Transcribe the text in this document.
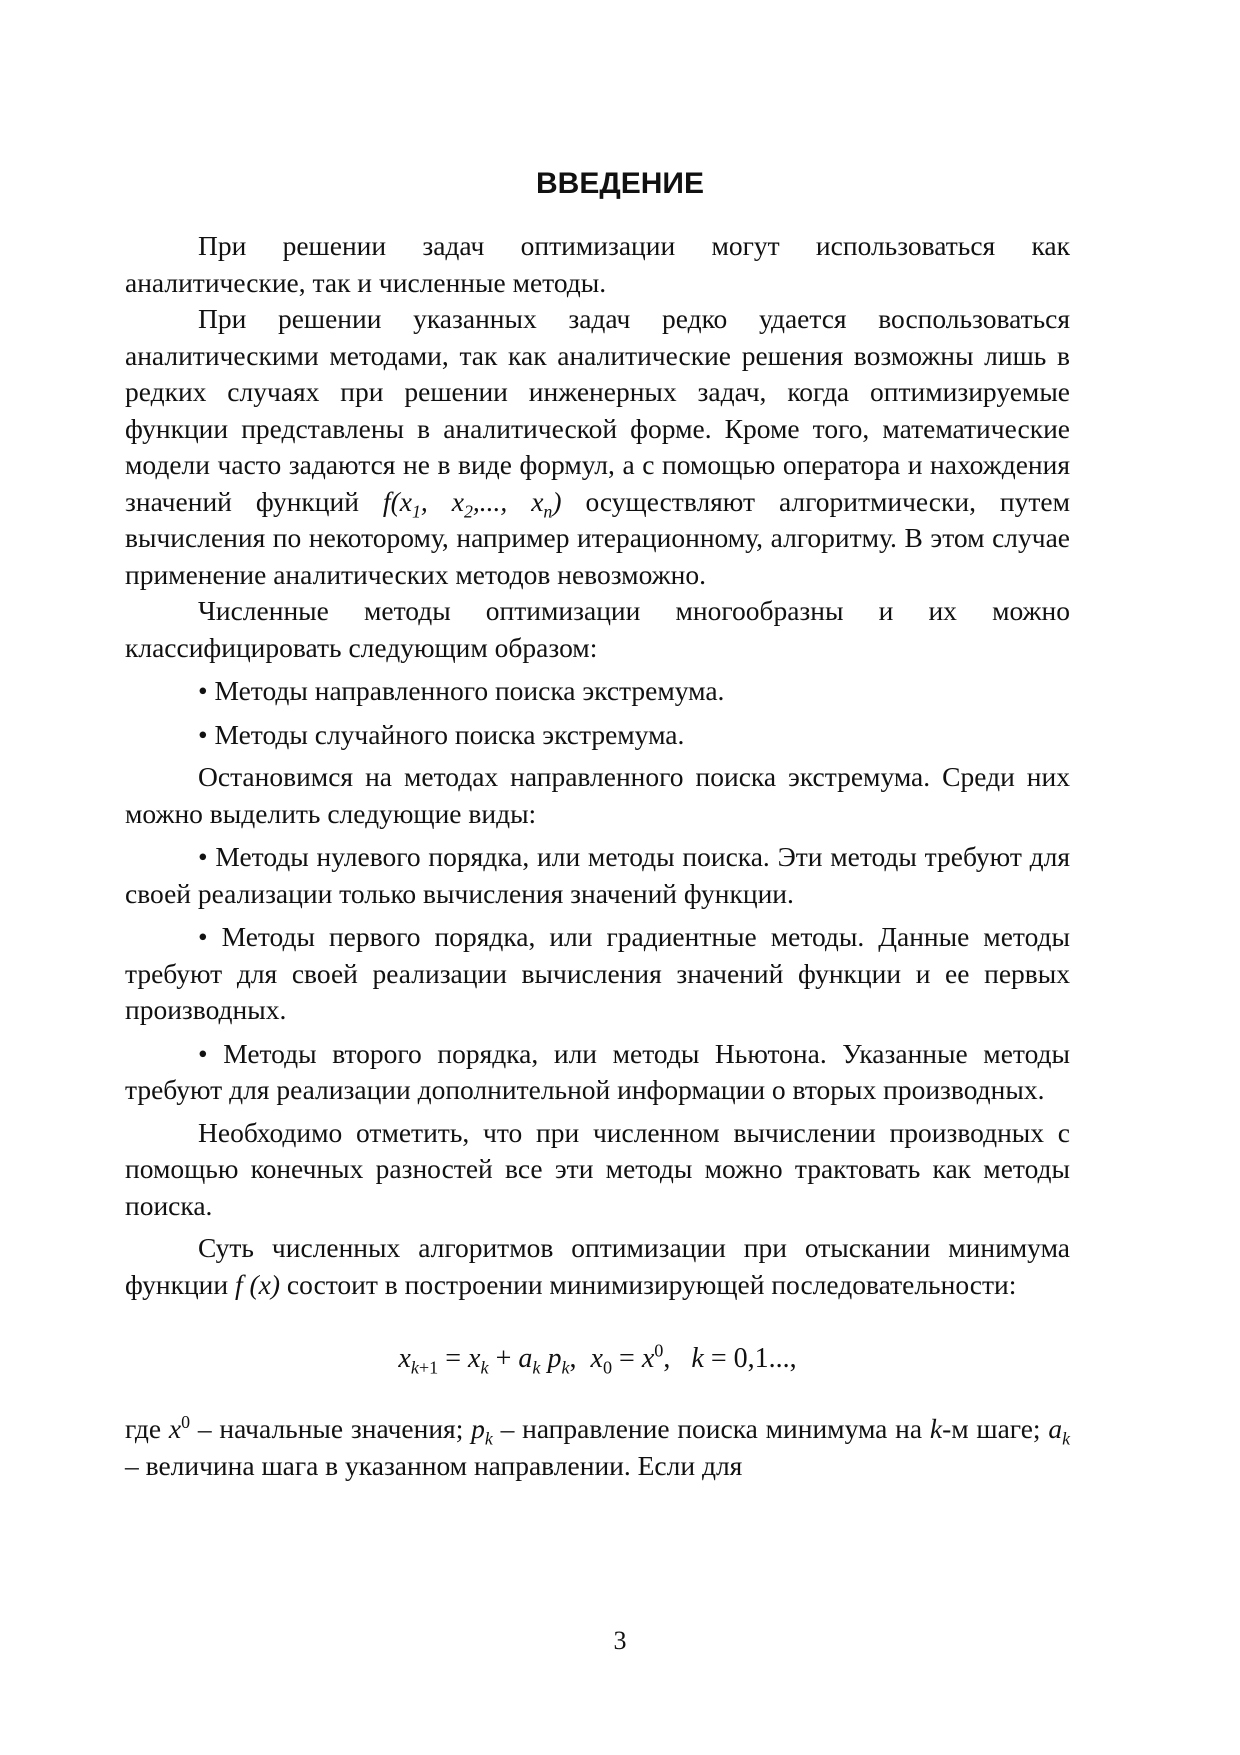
ВВЕДЕНИЕ

При решении задач оптимизации могут использоваться как аналитические, так и численные методы.

При решении указанных задач редко удается воспользоваться аналитическими методами, так как аналитические решения возможны лишь в редких случаях при решении инженерных задач, когда оптимизируемые функции представлены в аналитической форме. Кроме того, математические модели часто задаются не в виде формул, а с помощью оператора и нахождения значений функций $f(x_1$, $x_2$,..., $x_n$) осуществляют алгоритмически, путем вычисления по некоторому, например итерационному, алгоритму. В этом случае применение аналитических методов невозможно.

Численные методы оптимизации многообразны и их можно классифицировать следующим образом:

• Методы направленного поиска экстремума.

• Методы случайного поиска экстремума.

Остановимся на методах направленного поиска экстремума. Среди них можно выделить следующие виды:

• Методы нулевого порядка, или методы поиска. Эти методы требуют для своей реализации только вычисления значений функции.

• Методы первого порядка, или градиентные методы. Данные методы требуют для своей реализации вычисления значений функции и ее первых производных.

• Методы второго порядка, или методы Ньютона. Указанные методы требуют для реализации дополнительной информации о вторых производных.

Необходимо отметить, что при численном вычислении производных с помощью конечных разностей все эти методы можно трактовать как методы поиска.

Суть численных алгоритмов оптимизации при отыскании минимума функции f (x) состоит в построении минимизирующей последовательности:

$x_{k+1} = x_k + a_k$ $p_k$,  $x_0 = x^0$,   k = 0,1...,

где $x^0$ – начальные значения; $p_k$ – направление поиска минимума на k-м шаге; $a_k$ – величина шага в указанном направлении. Если для

3
